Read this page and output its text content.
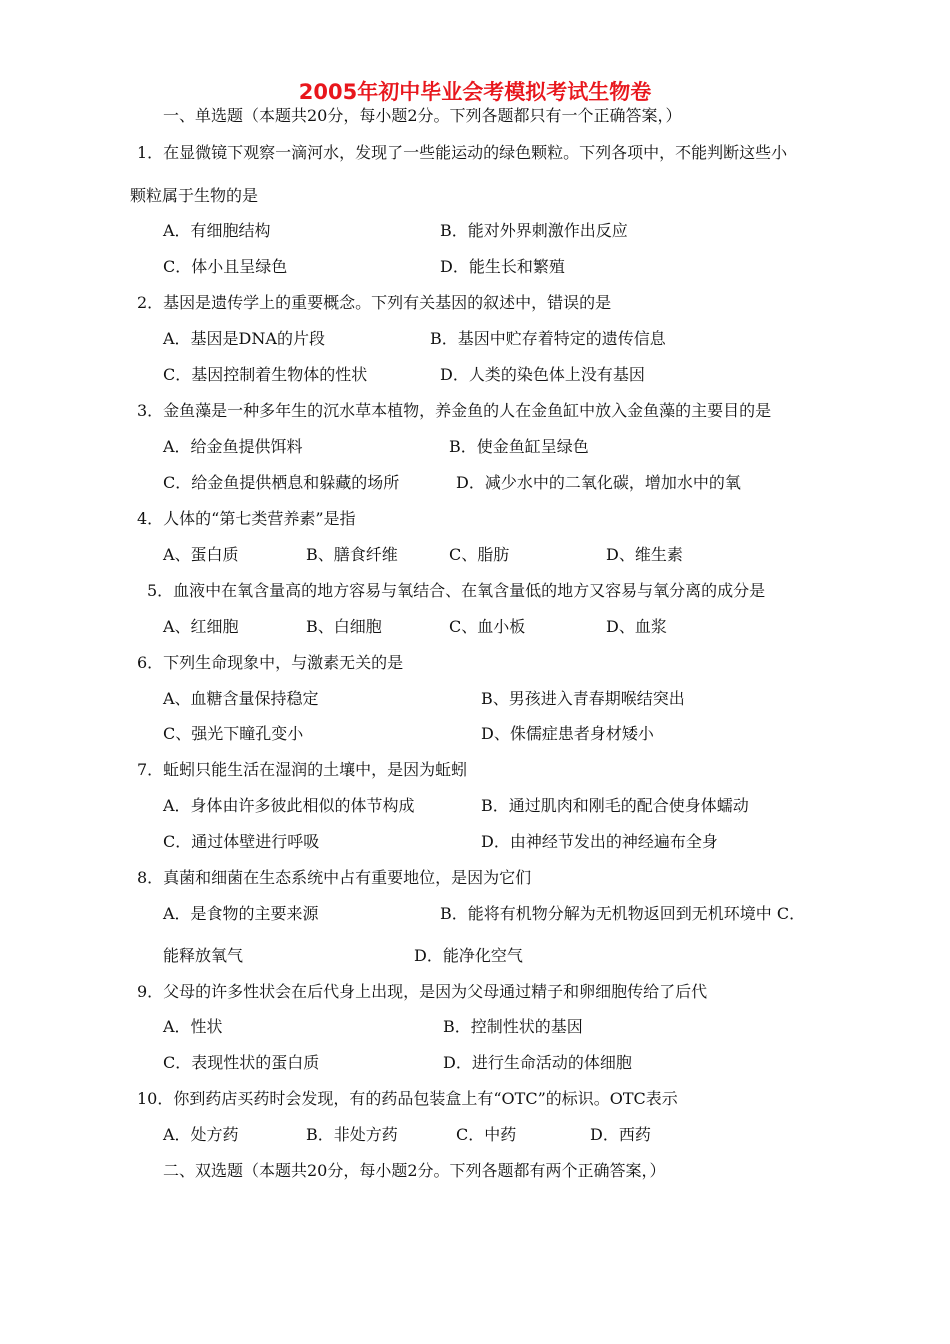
2005年初中毕业会考模拟考试生物卷
一、单选题（本题共20分，每小题2分。下列各题都只有一个正确答案，）
1．在显微镜下观察一滴河水，发现了一些能运动的绿色颗粒。下列各项中，不能判断这些小
颗粒属于生物的是
A．有细胞结构	B．能对外界刺激作出反应
C．体小且呈绿色	D．能生长和繁殖
2．基因是遗传学上的重要概念。下列有关基因的叙述中，错误的是
A．基因是DNA的片段	B．基因中贮存着特定的遗传信息
C．基因控制着生物体的性状	D．人类的染色体上没有基因
3．金鱼藻是一种多年生的沉水草本植物，养金鱼的人在金鱼缸中放入金鱼藻的主要目的是
A．给金鱼提供饵料	B．使金鱼缸呈绿色
C．给金鱼提供栖息和躲藏的场所	D．减少水中的二氧化碳，增加水中的氧
4．人体的“第七类营养素”是指
A、蛋白质	B、膳食纤维	C、脂肪	D、维生素
5．血液中在氧含量高的地方容易与氧结合、在氧含量低的地方又容易与氧分离的成分是
A、红细胞	B、白细胞	C、血小板	D、血浆
6．下列生命现象中，与激素无关的是
A、血糖含量保持稳定	B、男孩进入青春期喉结突出
C、强光下瞳孔变小	D、侏儒症患者身材矮小
7．蚯蚓只能生活在湿润的土壤中，是因为蚯蚓
A．身体由许多彼此相似的体节构成	B．通过肌肉和刚毛的配合使身体蠕动
C．通过体壁进行呼吸	D．由神经节发出的神经遍布全身
8．真菌和细菌在生态系统中占有重要地位，是因为它们
A．是食物的主要来源	B．能将有机物分解为无机物返回到无机环境中 C．
能释放氧气	D．能净化空气
9．父母的许多性状会在后代身上出现，是因为父母通过精子和卵细胞传给了后代
A．性状	B．控制性状的基因
C．表现性状的蛋白质	D．进行生命活动的体细胞
10．你到药店买药时会发现，有的药品包装盒上有“OTC”的标识。OTC表示
A．处方药	B．非处方药	C．中药	D．西药
二、双选题（本题共20分，每小题2分。下列各题都有两个正确答案，）
